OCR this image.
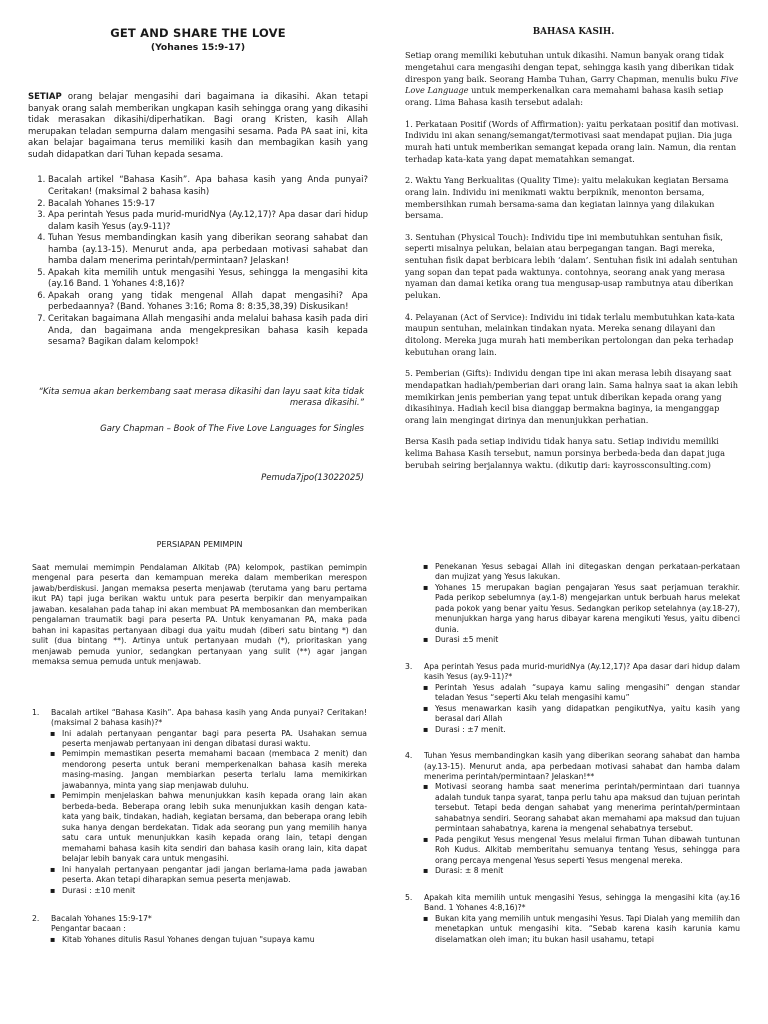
GET AND SHARE THE LOVE
(Yohanes 15:9-17)

SETIAP orang belajar mengasihi dari bagaimana ia dikasihi. Akan tetapi banyak orang salah memberikan ungkapan kasih sehingga orang yang dikasihi tidak merasakan dikasihi/diperhatikan. Bagi orang Kristen, kasih Allah merupakan teladan sempurna dalam mengasihi sesama. Pada PA saat ini, kita akan belajar bagaimana terus memiliki kasih dan membagikan kasih yang sudah didapatkan dari Tuhan kepada sesama.

1. Bacalah artikel “Bahasa Kasih”. Apa bahasa kasih yang Anda punyai? Ceritakan! (maksimal 2 bahasa kasih)
2. Bacalah Yohanes 15:9-17
3. Apa perintah Yesus pada murid-muridNya (Ay.12,17)? Apa dasar dari hidup dalam kasih Yesus (ay.9-11)?
4. Tuhan Yesus membandingkan kasih yang diberikan seorang sahabat dan hamba (ay.13-15). Menurut anda, apa perbedaan motivasi sahabat dan hamba dalam menerima perintah/permintaan? Jelaskan!
5. Apakah kita memilih untuk mengasihi Yesus, sehingga Ia mengasihi kita (ay.16 Band. 1 Yohanes 4:8,16)?
6. Apakah orang yang tidak mengenal Allah dapat mengasihi? Apa perbedaannya? (Band. Yohanes 3:16; Roma 8: 8:35,38,39) Diskusikan!
7. Ceritakan bagaimana Allah mengasihi anda melalui bahasa kasih pada diri Anda, dan bagaimana anda mengekpresikan bahasa kasih kepada sesama? Bagikan dalam kelompok!
“Kita semua akan berkembang saat merasa dikasihi dan layu saat kita tidak merasa dikasihi.”
Gary Chapman – Book of The Five Love Languages for Singles
Pemuda7jpo(13022025)
BAHASA KASIH.

Setiap orang memiliki kebutuhan untuk dikasihi. Namun banyak orang tidak mengetahui cara mengasihi dengan tepat, sehingga kasih yang diberikan tidak direspon yang baik. Seorang Hamba Tuhan, Garry Chapman, menulis buku Five Love Language untuk memperkenalkan cara memahami bahasa kasih setiap orang. Lima Bahasa kasih tersebut adalah:

1. Perkataan Positif (Words of Affirmation): yaitu perkataan positif dan motivasi. Individu ini akan senang/semangat/termotivasi saat mendapat pujian. Dia juga murah hati untuk memberikan semangat kepada orang lain. Namun, dia rentan terhadap kata-kata yang dapat mematahkan semangat.

2. Waktu Yang Berkualitas (Quality Time): yaitu melakukan kegiatan Bersama orang lain. Individu ini menikmati waktu berpiknik, menonton bersama, membersihkan rumah bersama-sama dan kegiatan lainnya yang dilakukan bersama.

3. Sentuhan (Physical Touch): Individu tipe ini membutuhkan sentuhan fisik, seperti misalnya pelukan, belaian atau berpegangan tangan. Bagi mereka, sentuhan fisik dapat berbicara lebih ‘dalam’. Sentuhan fisik ini adalah sentuhan yang sopan dan tepat pada waktunya. contohnya, seorang anak yang merasa nyaman dan damai ketika orang tua mengusap-usap rambutnya atau diberikan pelukan.

4. Pelayanan (Act of Service): Individu ini tidak terlalu membutuhkan kata-kata maupun sentuhan, melainkan tindakan nyata. Mereka senang dilayani dan ditolong. Mereka juga murah hati memberikan pertolongan dan peka terhadap kebutuhan orang lain.

5. Pemberian (Gifts): Individu dengan tipe ini akan merasa lebih disayang saat mendapatkan hadiah/pemberian dari orang lain. Sama halnya saat ia akan lebih memikirkan jenis pemberian yang tepat untuk diberikan kepada orang yang dikasihinya. Hadiah kecil bisa dianggap bermakna baginya, ia menganggap orang lain mengingat dirinya dan menunjukkan perhatian.

Bersa Kasih pada setiap individu tidak hanya satu. Setiap individu memiliki kelima Bahasa Kasih tersebut, namun porsinya berbeda-beda dan dapat juga berubah seiring berjalannya waktu. (dikutip dari: kayrossconsulting.com)

PERSIAPAN PEMIMPIN

Saat memulai memimpin Pendalaman Alkitab (PA) kelompok, pastikan pemimpin mengenal para peserta dan kemampuan mereka dalam memberikan merespon jawab/berdiskusi. Jangan memaksa peserta menjawab (terutama yang baru pertama ikut PA) tapi juga berikan waktu untuk para peserta berpikir dan menyampaikan jawaban. kesalahan pada tahap ini akan membuat PA membosankan dan memberikan pengalaman traumatik bagi para peserta PA. Untuk kenyamanan PA, maka pada bahan ini kapasitas pertanyaan dibagi dua yaitu mudah (diberi satu bintang *) dan sulit (dua bintang **). Artinya untuk pertanyaan mudah (*), prioritaskan yang menjawab pemuda yunior, sedangkan pertanyaan yang sulit (**) agar jangan memaksa semua pemuda untuk menjawab.

1. Bacalah artikel “Bahasa Kasih”. Apa bahasa kasih yang Anda punyai? Ceritakan! (maksimal 2 bahasa kasih)?*
▪ Ini adalah pertanyaan pengantar bagi para peserta PA. Usahakan semua peserta menjawab pertanyaan ini dengan dibatasi durasi waktu.
▪ Pemimpin memastikan peserta memahami bacaan (membaca 2 menit) dan mendorong peserta untuk berani memperkenalkan bahasa kasih mereka masing-masing. Jangan membiarkan peserta terlalu lama memikirkan jawabannya, minta yang siap menjawab duluhu.
▪ Pemimpin menjelaskan bahwa menunjukkan kasih kepada orang lain akan berbeda-beda. Beberapa orang lebih suka menunjukkan kasih dengan kata-kata yang baik, tindakan, hadiah, kegiatan bersama, dan beberapa orang lebih suka hanya dengan berdekatan. Tidak ada seorang pun yang memilih hanya satu cara untuk menunjukkan kasih kepada orang lain, tetapi dengan memahami bahasa kasih kita sendiri dan bahasa kasih orang lain, kita dapat belajar lebih banyak cara untuk mengasihi.
▪ Ini hanyalah pertanyaan pengantar jadi jangan berlama-lama pada jawaban peserta. Akan tetapi diharapkan semua peserta menjawab.
▪ Durasi : ±10 menit
2. Bacalah Yohanes 15:9-17*
Pengantar bacaan :
▪ Kitab Yohanes ditulis Rasul Yohanes dengan tujuan "supaya kamu
▪ Penekanan Yesus sebagai Allah ini ditegaskan dengan perkataan-perkataan dan mujizat yang Yesus lakukan.
▪ Yohanes 15 merupakan bagian pengajaran Yesus saat perjamuan terakhir. Pada perikop sebelumnya (ay.1-8) mengejarkan untuk berbuah harus melekat pada pokok yang benar yaitu Yesus. Sedangkan perikop setelahnya (ay.18-27), menunjukkan harga yang harus dibayar karena mengikuti Yesus, yaitu dibenci dunia.
▪ Durasi ±5 menit
3. Apa perintah Yesus pada murid-muridNya (Ay.12,17)? Apa dasar dari hidup dalam kasih Yesus (ay.9-11)?*
▪ Perintah Yesus adalah “supaya kamu saling mengasihi” dengan standar teladan Yesus “seperti Aku telah mengasihi kamu”
▪ Yesus menawarkan kasih yang didapatkan pengikutNya, yaitu kasih yang berasal dari Allah
▪ Durasi : ±7 menit.
4. Tuhan Yesus membandingkan kasih yang diberikan seorang sahabat dan hamba (ay.13-15). Menurut anda, apa perbedaan motivasi sahabat dan hamba dalam menerima perintah/permintaan? Jelaskan!**
▪ Motivasi seorang hamba saat menerima perintah/permintaan dari tuannya adalah tunduk tanpa syarat, tanpa perlu tahu apa maksud dan tujuan perintah tersebut. Tetapi beda dengan sahabat yang menerima perintah/permintaan sahabatnya sendiri. Seorang sahabat akan memahami apa maksud dan tujuan permintaan sahabatnya, karena ia mengenal sehabatnya tersebut.
▪ Pada pengikut Yesus mengenal Yesus melalui firman Tuhan dibawah tuntunan Roh Kudus. Alkitab memberitahu semuanya tentang Yesus, sehingga para orang percaya mengenal Yesus seperti Yesus mengenal mereka.
▪ Durasi: ± 8 menit
5. Apakah kita memilih untuk mengasihi Yesus, sehingga Ia mengasihi kita (ay.16 Band. 1 Yohanes 4:8,16)?*
▪ Bukan kita yang memilih untuk mengasihi Yesus. Tapi Dialah yang memilih dan menetapkan untuk mengasihi kita. “Sebab karena kasih karunia kamu diselamatkan oleh iman; itu bukan hasil usahamu, tetapi
